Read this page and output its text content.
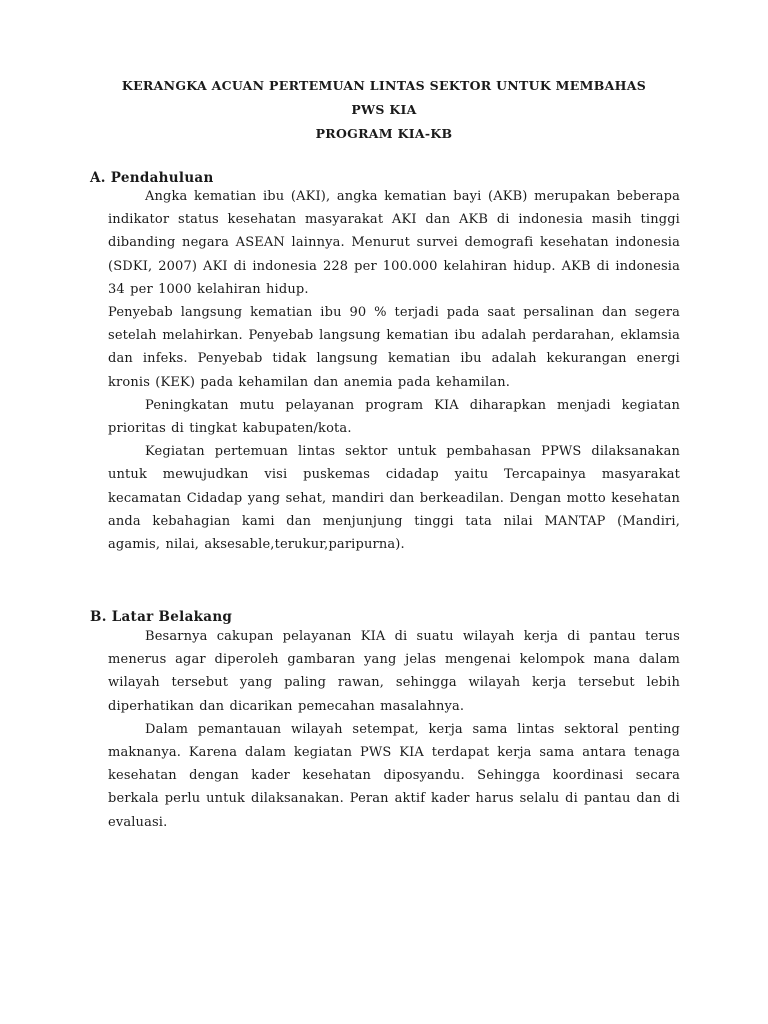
KERANGKA ACUAN PERTEMUAN LINTAS SEKTOR UNTUK MEMBAHAS
PWS KIA
PROGRAM KIA-KB
A. Pendahuluan

Angka kematian ibu (AKI), angka kematian bayi (AKB) merupakan beberapa indikator status kesehatan masyarakat AKI dan AKB di indonesia masih tinggi dibanding negara ASEAN lainnya. Menurut survei demografi kesehatan indonesia (SDKI, 2007) AKI di indonesia 228 per 100.000 kelahiran hidup. AKB di indonesia 34 per 1000 kelahiran hidup.

Penyebab langsung kematian ibu 90 % terjadi pada saat persalinan dan segera setelah melahirkan. Penyebab langsung kematian ibu adalah perdarahan, eklamsia dan infeks. Penyebab tidak langsung kematian ibu adalah kekurangan energi kronis (KEK) pada kehamilan dan anemia pada kehamilan.

Peningkatan mutu pelayanan program KIA diharapkan menjadi kegiatan prioritas di tingkat kabupaten/kota.

Kegiatan pertemuan lintas sektor untuk pembahasan PPWS dilaksanakan untuk mewujudkan visi puskemas cidadap yaitu Tercapainya masyarakat kecamatan Cidadap yang sehat, mandiri dan berkeadilan. Dengan motto kesehatan anda kebahagian kami dan menjunjung tinggi tata nilai MANTAP (Mandiri, agamis, nilai, aksesable,terukur,paripurna).

B. Latar Belakang

Besarnya cakupan pelayanan KIA di suatu wilayah kerja di pantau terus menerus agar diperoleh gambaran yang jelas mengenai kelompok mana dalam wilayah tersebut yang paling rawan, sehingga wilayah kerja tersebut lebih diperhatikan dan dicarikan pemecahan masalahnya.

Dalam pemantauan wilayah setempat, kerja sama lintas sektoral penting maknanya. Karena dalam kegiatan PWS KIA terdapat kerja sama antara tenaga kesehatan dengan kader kesehatan diposyandu. Sehingga koordinasi secara berkala perlu untuk dilaksanakan. Peran aktif kader harus selalu di pantau dan di evaluasi.
